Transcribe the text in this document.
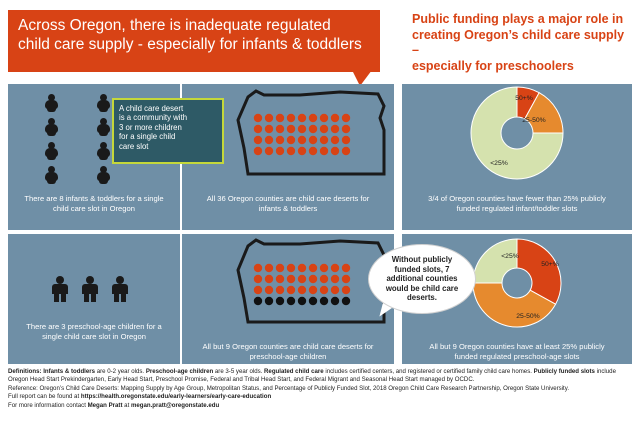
Across Oregon, there is inadequate regulated
child care supply - especially for infants & toddlers
Public funding plays a major role in
creating Oregon’s child care supply –
especially for preschoolers
There are 8 infants & toddlers for a single
child care slot in Oregon
<25%
25-50%
50+%
<25%
25-50%
50+%
A child care desert
is a community with
3 or more children
for a single child
care slot
All 36 Oregon counties are child care deserts for
infants & toddlers
3/4 of Oregon counties have fewer than 25% publicly
funded regulated infant/toddler slots
There are 3 preschool-age children for a
single child care slot in Oregon
All but 9 Oregon counties are child care deserts for
preschool-age children
All but 9 Oregon counties have at least 25% publicly
funded regulated preschool-age slots
Without publicly
funded slots, 7
additional counties
would be child care
deserts.

Definitions: Infants & toddlers are 0-2 year olds. Preschool-age children are 3-5 year olds. Regulated child care includes certified centers, and registered or certified family child care homes. Publicly funded slots include Oregon Head Start Prekindergarten, Early Head Start, Preschool Promise, Federal and Tribal Head Start, and Federal Migrant and Seasonal Head Start managed by OCDC.

Reference: Oregon’s Child Care Deserts: Mapping Supply by Age Group, Metropolitan Status, and Percentage of Publicly Funded Slot, 2018 Oregon Child Care Research Partnership, Oregon State University.

Full report can be found at https://health.oregonstate.edu/early-learners/early-care-education

For more information contact Megan Pratt at megan.pratt@oregonstate.edu
